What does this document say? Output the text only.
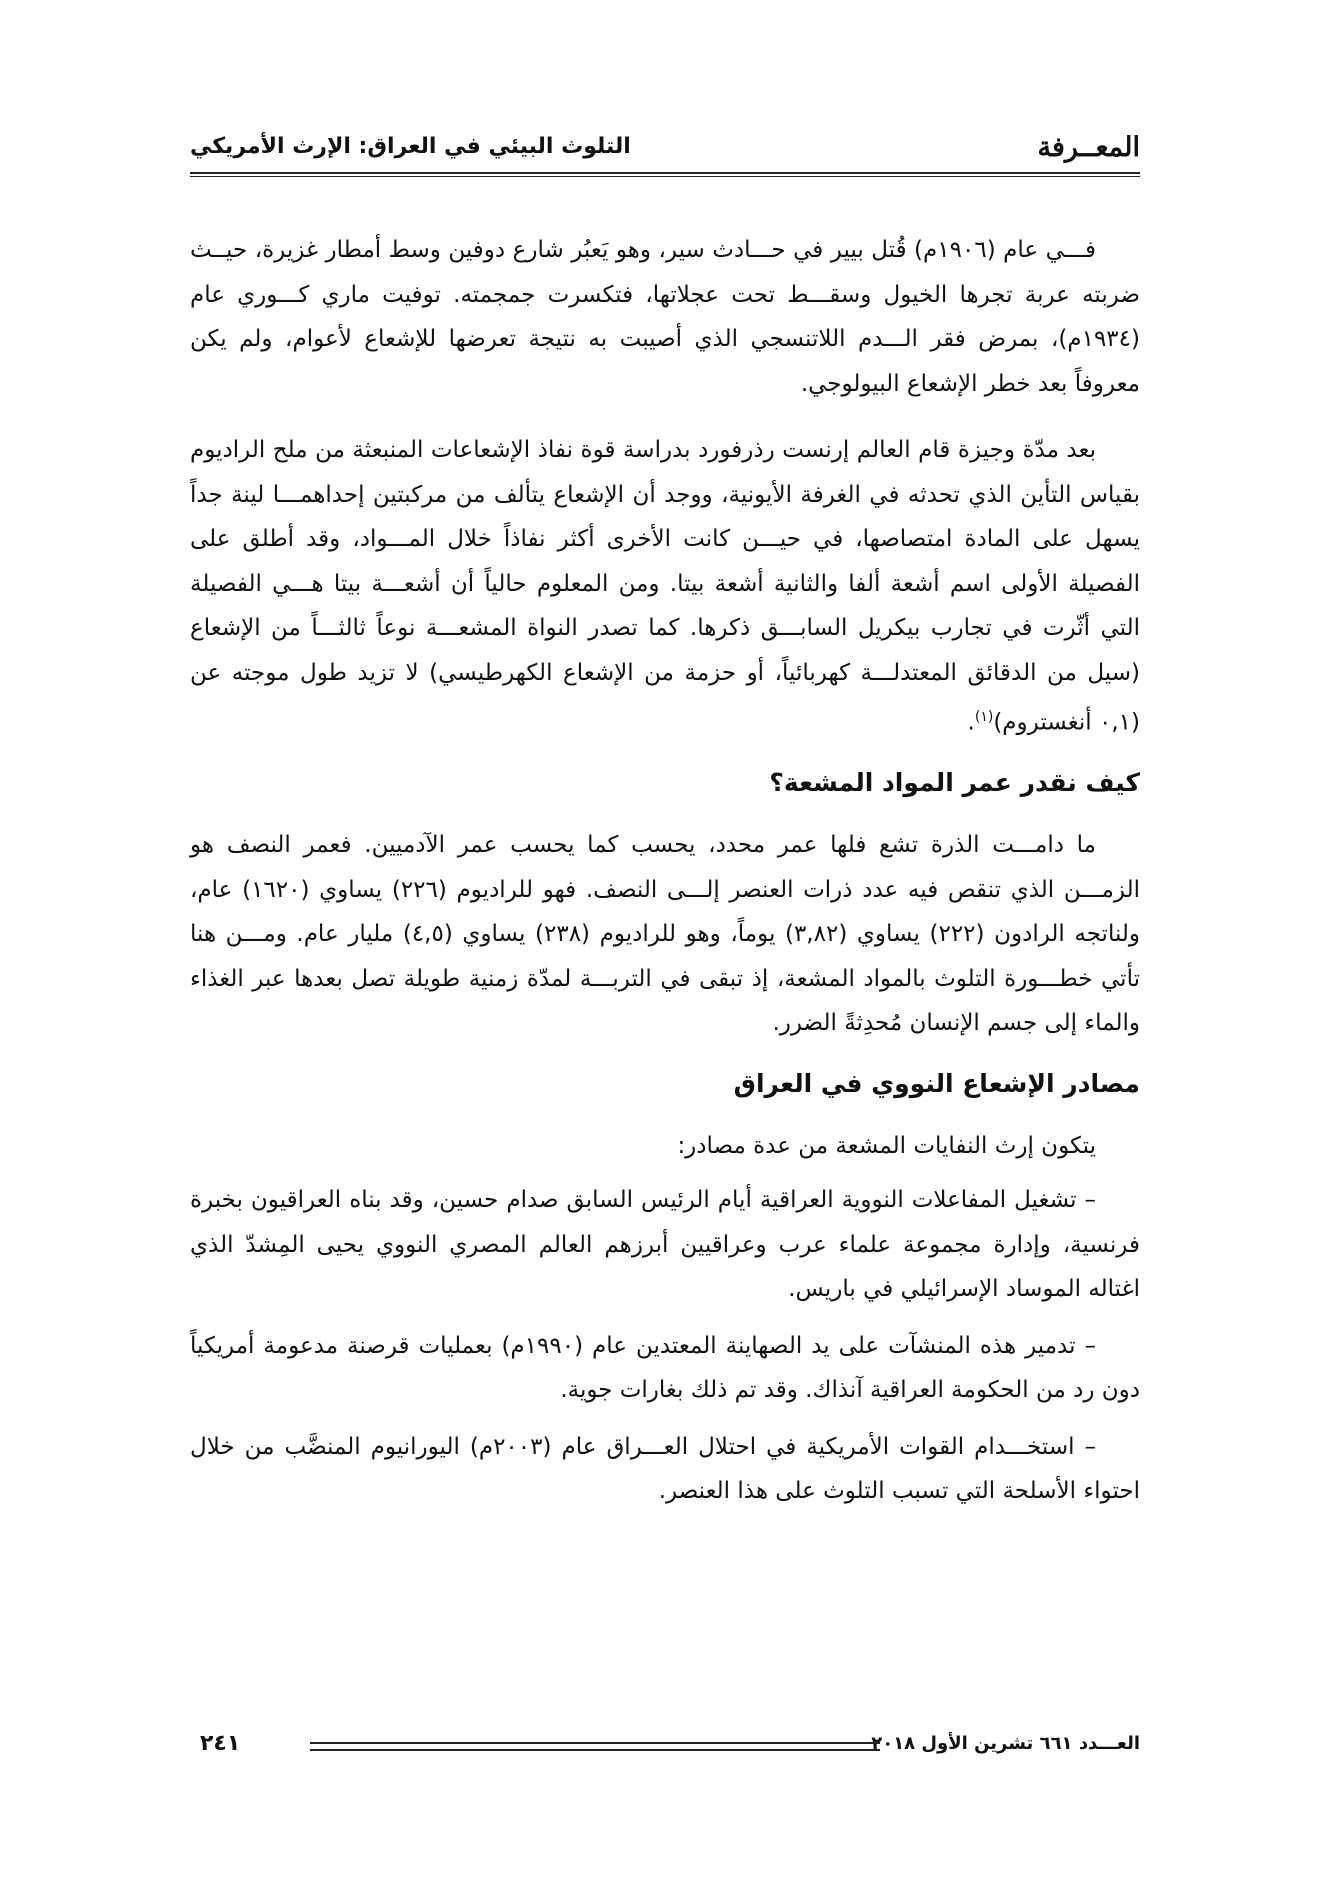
المعــرفة
التلوث البيئي في العراق: الإرث الأمريكي

فـــي عام (١٩٠٦م) قُتل بيير في حـــادث سير، وهو يَعبُر شارع دوفين وسط أمطار غزيرة، حيــث ضربته عربة تجرها الخيول وسقـــط تحت عجلاتها، فتكسرت جمجمته. توفيت ماري كـــوري عام (١٩٣٤م)، بمرض فقر الـــدم اللاتنسجي الذي أصيبت به نتيجة تعرضها للإشعاع لأعوام، ولم يكن معروفاً بعد خطر الإشعاع البيولوجي.

بعد مدّة وجيزة قام العالم إرنست رذرفورد بدراسة قوة نفاذ الإشعاعات المنبعثة من ملح الراديوم بقياس التأين الذي تحدثه في الغرفة الأيونية، ووجد أن الإشعاع يتألف من مركبتين إحداهمـــا لينة جداً يسهل على المادة امتصاصها، في حيـــن كانت الأخرى أكثر نفاذاً خلال المـــواد، وقد أطلق على الفصيلة الأولى اسم أشعة ألفا والثانية أشعة بيتا. ومن المعلوم حالياً أن أشعـــة بيتا هـــي الفصيلة التي أثّرت في تجارب بيكريل السابـــق ذكرها. كما تصدر النواة المشعـــة نوعاً ثالثـــاً من الإشعاع (سيل من الدقائق المعتدلـــة كهربائياً، أو حزمة من الإشعاع الكهرطيسي) لا تزيد طول موجته عن (٠,١ أنغستروم)$^{(١)}$.

كيف نقدر عمر المواد المشعة؟

ما دامـــت الذرة تشع فلها عمر محدد، يحسب كما يحسب عمر الآدميين. فعمر النصف هو الزمـــن الذي تنقص فيه عدد ذرات العنصر إلـــى النصف. فهو للراديوم (٢٢٦) يساوي (١٦٢٠) عام، ولناتجه الرادون (٢٢٢) يساوي (٣,٨٢) يوماً، وهو للراديوم (٢٣٨) يساوي (٤,٥) مليار عام. ومـــن هنا تأتي خطـــورة التلوث بالمواد المشعة، إذ تبقى في التربـــة لمدّة زمنية طويلة تصل بعدها عبر الغذاء والماء إلى جسم الإنسان مُحدِثةً الضرر.

مصادر الإشعاع النووي في العراق

يتكون إرث النفايات المشعة من عدة مصادر:

– تشغيل المفاعلات النووية العراقية أيام الرئيس السابق صدام حسين، وقد بناه العراقيون بخبرة فرنسية، وإدارة مجموعة علماء عرب وعراقيين أبرزهم العالم المصري النووي يحيى المِشدّ الذي اغتاله الموساد الإسرائيلي في باريس.

– تدمير هذه المنشآت على يد الصهاينة المعتدين عام (١٩٩٠م) بعمليات قرصنة مدعومة أمريكياً دون رد من الحكومة العراقية آنذاك. وقد تم ذلك بغارات جوية.

– استخـــدام القوات الأمريكية في احتلال العـــراق عام (٢٠٠٣م) اليورانيوم المنضَّب من خلال احتواء الأسلحة التي تسبب التلوث على هذا العنصر.

العـــدد ٦٦١ تشرين الأول ٢٠١٨
٢٤١
